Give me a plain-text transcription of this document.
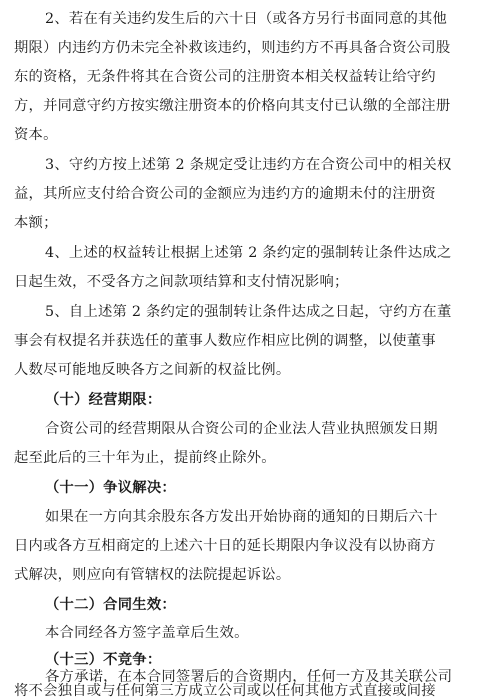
2、若在有关违约发生后的六十日（或各方另行书面同意的其他
期限）内违约方仍未完全补救该违约，则违约方不再具备合资公司股
东的资格，无条件将其在合资公司的注册资本相关权益转让给守约
方，并同意守约方按实缴注册资本的价格向其支付已认缴的全部注册
资本。
3、守约方按上述第 2 条规定受让违约方在合资公司中的相关权
益，其所应支付给合资公司的金额应为违约方的逾期未付的注册资
本额；
4、上述的权益转让根据上述第 2 条约定的强制转让条件达成之
日起生效，不受各方之间款项结算和支付情况影响；
5、自上述第 2 条约定的强制转让条件达成之日起，守约方在董
事会有权提名并获选任的董事人数应作相应比例的调整，以使董事
人数尽可能地反映各方之间新的权益比例。
（十）经营期限：
合资公司的经营期限从合资公司的企业法人营业执照颁发日期
起至此后的三十年为止，提前终止除外。
（十一）争议解决：
如果在一方向其余股东各方发出开始协商的通知的日期后六十
日内或各方互相商定的上述六十日的延长期限内争议没有以协商方
式解决，则应向有管辖权的法院提起诉讼。
（十二）合同生效：
本合同经各方签字盖章后生效。
（十三）不竞争：
各方承诺，在本合同签署后的合资期内，任何一方及其关联公司
将不会独自或与任何第三方成立公司或以任何其他方式直接或间接
